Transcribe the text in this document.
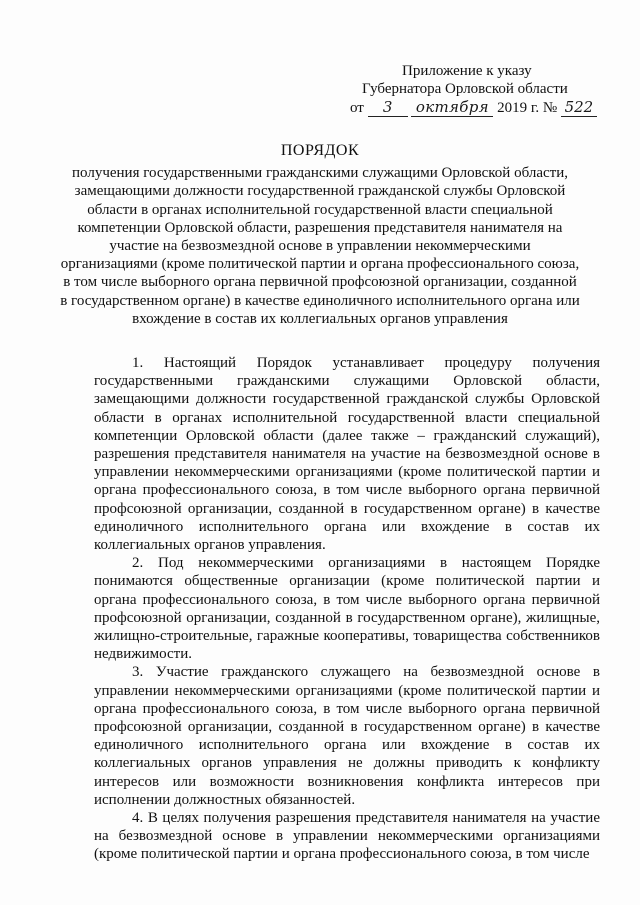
Приложение к указу
Губернатора Орловской области
от 3 октября 2019 г. № 522
ПОРЯДОК
получения государственными гражданскими служащими Орловской области, замещающими должности государственной гражданской службы Орловской области в органах исполнительной государственной власти специальной компетенции Орловской области, разрешения представителя нанимателя на участие на безвозмездной основе в управлении некоммерческими организациями (кроме политической партии и органа профессионального союза, в том числе выборного органа первичной профсоюзной организации, созданной в государственном органе) в качестве единоличного исполнительного органа или вхождение в состав их коллегиальных органов управления

1. Настоящий Порядок устанавливает процедуру получения государственными гражданскими служащими Орловской области, замещающими должности государственной гражданской службы Орловской области в органах исполнительной государственной власти специальной компетенции Орловской области (далее также – гражданский служащий), разрешения представителя нанимателя на участие на безвозмездной основе в управлении некоммерческими организациями (кроме политической партии и органа профессионального союза, в том числе выборного органа первичной профсоюзной организации, созданной в государственном органе) в качестве единоличного исполнительного органа или вхождение в состав их коллегиальных органов управления.

2. Под некоммерческими организациями в настоящем Порядке понимаются общественные организации (кроме политической партии и органа профессионального союза, в том числе выборного органа первичной профсоюзной организации, созданной в государственном органе), жилищные, жилищно-строительные, гаражные кооперативы, товарищества собственников недвижимости.

3. Участие гражданского служащего на безвозмездной основе в управлении некоммерческими организациями (кроме политической партии и органа профессионального союза, в том числе выборного органа первичной профсоюзной организации, созданной в государственном органе) в качестве единоличного исполнительного органа или вхождение в состав их коллегиальных органов управления не должны приводить к конфликту интересов или возможности возникновения конфликта интересов при исполнении должностных обязанностей.

4. В целях получения разрешения представителя нанимателя на участие на безвозмездной основе в управлении некоммерческими организациями (кроме политической партии и органа профессионального союза, в том числе
